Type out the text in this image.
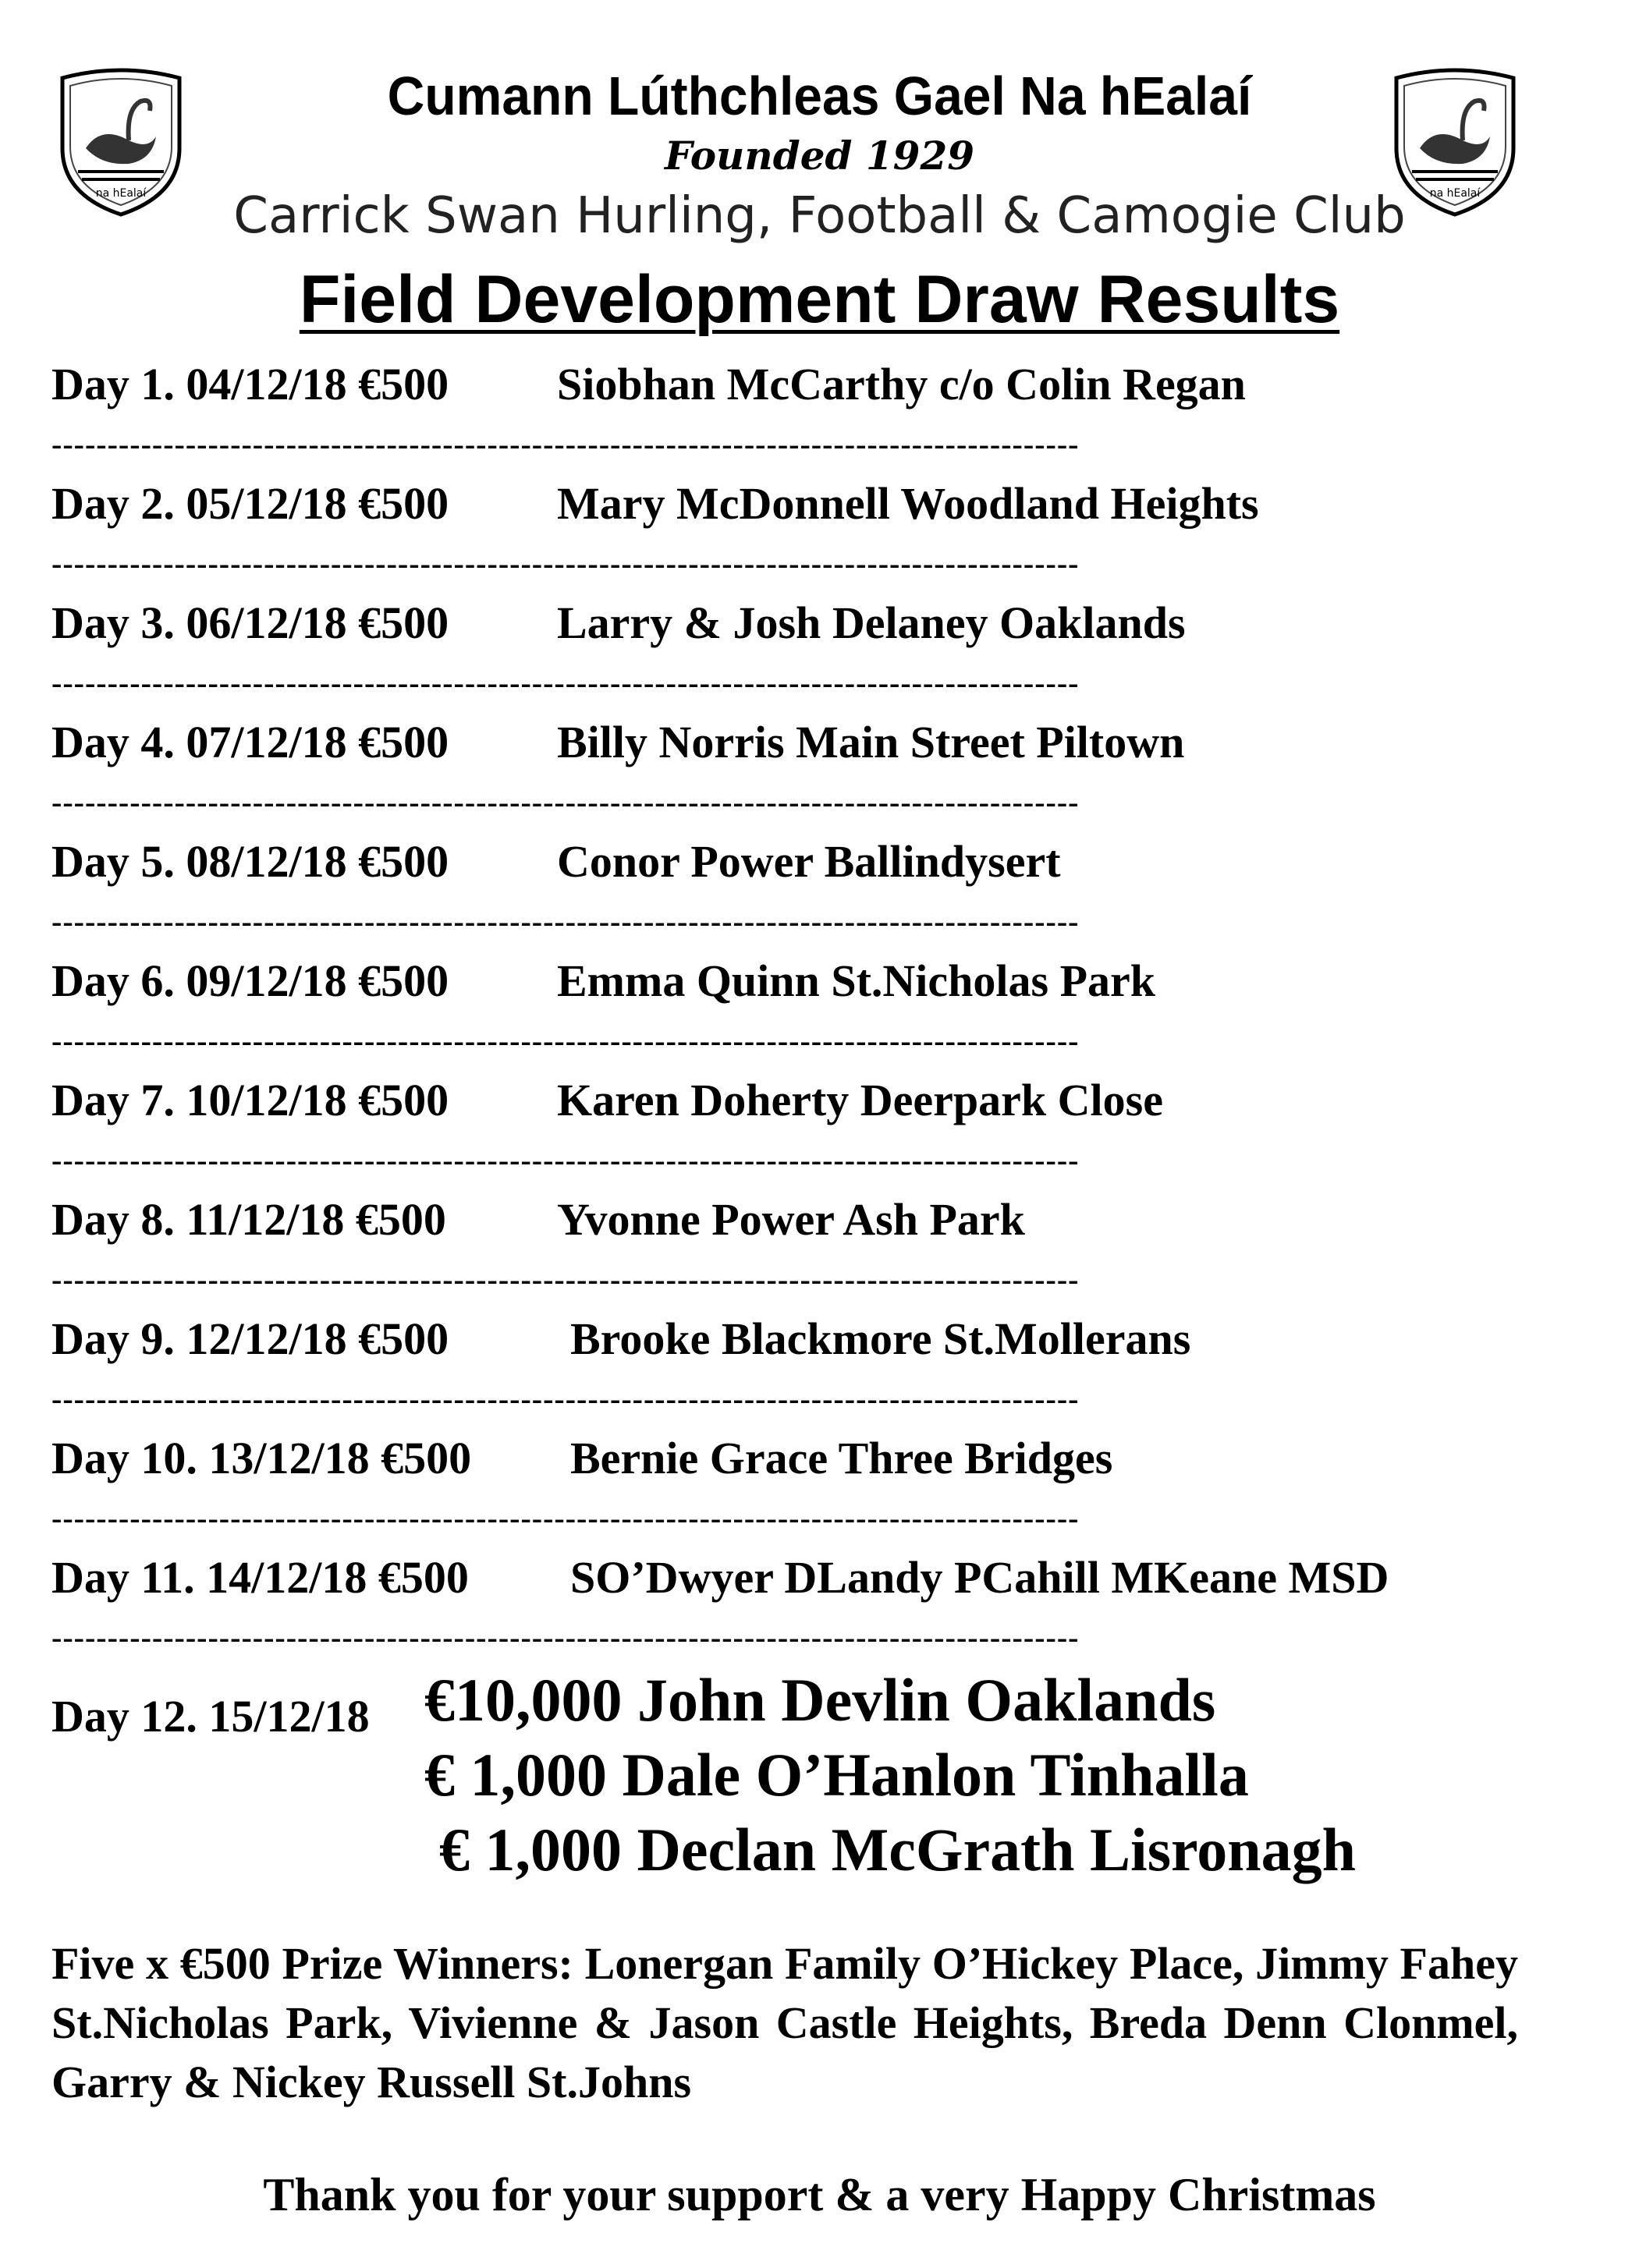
na hEalaí
Cumann Lúthchleas Gael Na hEalaí
Founded 1929
Carrick Swan Hurling, Football & Camogie Club	na hEalaí
Field Development Draw Results
Day 1. 04/12/18 €500 Siobhan McCarthy c/o Colin Regan
--------------------------------------------------------------------------------------------
Day 2. 05/12/18 €500 Mary McDonnell Woodland Heights
--------------------------------------------------------------------------------------------
Day 3. 06/12/18 €500 Larry & Josh Delaney Oaklands
--------------------------------------------------------------------------------------------
Day 4. 07/12/18 €500 Billy Norris Main Street Piltown
--------------------------------------------------------------------------------------------
Day 5. 08/12/18 €500 Conor Power Ballindysert
--------------------------------------------------------------------------------------------
Day 6. 09/12/18 €500 Emma Quinn St.Nicholas Park
--------------------------------------------------------------------------------------------
Day 7. 10/12/18 €500 Karen Doherty Deerpark Close
--------------------------------------------------------------------------------------------
Day 8. 11/12/18 €500 Yvonne Power Ash Park
--------------------------------------------------------------------------------------------
Day 9. 12/12/18 €500	Brooke Blackmore St.Mollerans
--------------------------------------------------------------------------------------------
Day 10. 13/12/18 €500 Bernie Grace Three Bridges
--------------------------------------------------------------------------------------------
Day 11. 14/12/18 €500 SO’Dwyer DLandy PCahill MKeane MSD
--------------------------------------------------------------------------------------------
Day 12. 15/12/18 €10,000 John Devlin Oaklands
€ 1,000 Dale O’Hanlon Tinhalla
€ 1,000 Declan McGrath Lisronagh
Five x €500 Prize Winners: Lonergan Family O’Hickey Place, Jimmy Fahey St.Nicholas Park, Vivienne & Jason Castle Heights, Breda Denn Clonmel, Garry & Nickey Russell St.Johns
Thank you for your support & a very Happy Christmas
